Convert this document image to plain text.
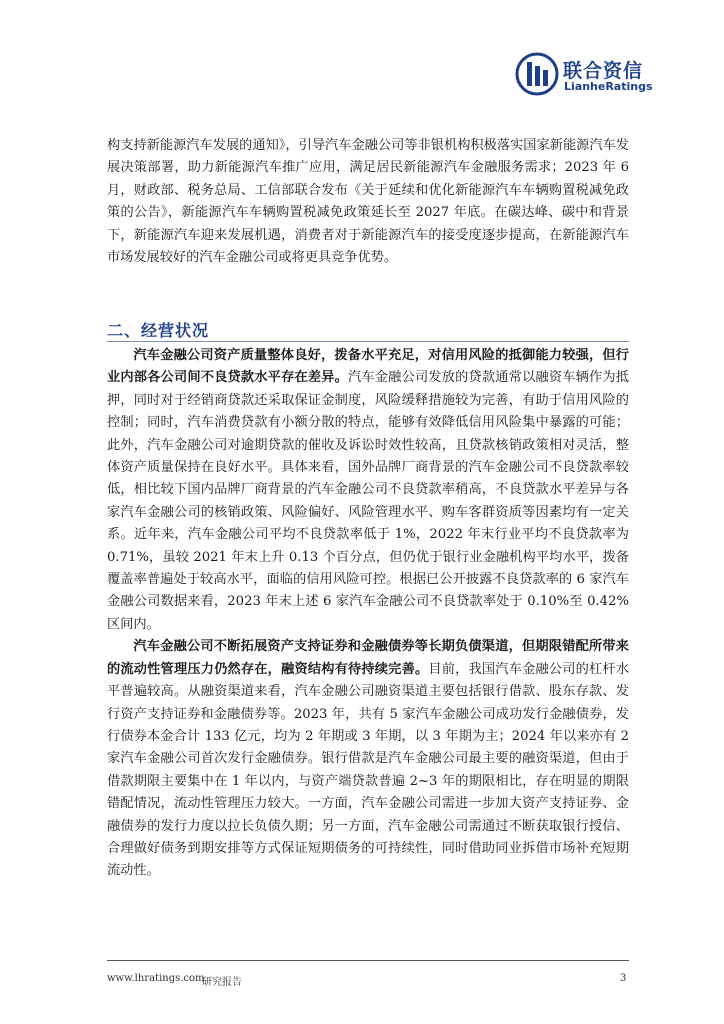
联合资信
LianheRatings

构支持新能源汽车发展的通知》，引导汽车金融公司等非银机构积极落实国家新能源汽车发展决策部署，助力新能源汽车推广应用，满足居民新能源汽车金融服务需求；2023 年 6 月，财政部、税务总局、工信部联合发布《关于延续和优化新能源汽车车辆购置税减免政策的公告》，新能源汽车车辆购置税减免政策延长至 2027 年底。在碳达峰、碳中和背景下，新能源汽车迎来发展机遇，消费者对于新能源汽车的接受度逐步提高，在新能源汽车市场发展较好的汽车金融公司或将更具竞争优势。

二、经营状况

汽车金融公司资产质量整体良好，拨备水平充足，对信用风险的抵御能力较强，但行业内部各公司间不良贷款水平存在差异。汽车金融公司发放的贷款通常以融资车辆作为抵押，同时对于经销商贷款还采取保证金制度，风险缓释措施较为完善，有助于信用风险的控制；同时，汽车消费贷款有小额分散的特点，能够有效降低信用风险集中暴露的可能；此外，汽车金融公司对逾期贷款的催收及诉讼时效性较高，且贷款核销政策相对灵活，整体资产质量保持在良好水平。具体来看，国外品牌厂商背景的汽车金融公司不良贷款率较低，相比较下国内品牌厂商背景的汽车金融公司不良贷款率稍高，不良贷款水平差异与各家汽车金融公司的核销政策、风险偏好、风险管理水平、购车客群资质等因素均有一定关系。近年来，汽车金融公司平均不良贷款率低于 1%，2022 年末行业平均不良贷款率为 0.71%，虽较 2021 年末上升 0.13 个百分点，但仍优于银行业金融机构平均水平，拨备覆盖率普遍处于较高水平，面临的信用风险可控。根据已公开披露不良贷款率的 6 家汽车金融公司数据来看，2023 年末上述 6 家汽车金融公司不良贷款率处于 0.10%至 0.42%区间内。

汽车金融公司不断拓展资产支持证券和金融债券等长期负债渠道，但期限错配所带来的流动性管理压力仍然存在，融资结构有待持续完善。目前，我国汽车金融公司的杠杆水平普遍较高。从融资渠道来看，汽车金融公司融资渠道主要包括银行借款、股东存款、发行资产支持证券和金融债券等。2023 年，共有 5 家汽车金融公司成功发行金融债券，发行债券本金合计 133 亿元，均为 2 年期或 3 年期，以 3 年期为主；2024 年以来亦有 2 家汽车金融公司首次发行金融债券。银行借款是汽车金融公司最主要的融资渠道，但由于借款期限主要集中在 1 年以内，与资产端贷款普遍 2~3 年的期限相比，存在明显的期限错配情况，流动性管理压力较大。一方面，汽车金融公司需进一步加大资产支持证券、金融债券的发行力度以拉长负债久期；另一方面，汽车金融公司需通过不断获取银行授信、合理做好债务到期安排等方式保证短期债务的可持续性，同时借助同业拆借市场补充短期流动性。

www.lhratings.com
研究报告	3
